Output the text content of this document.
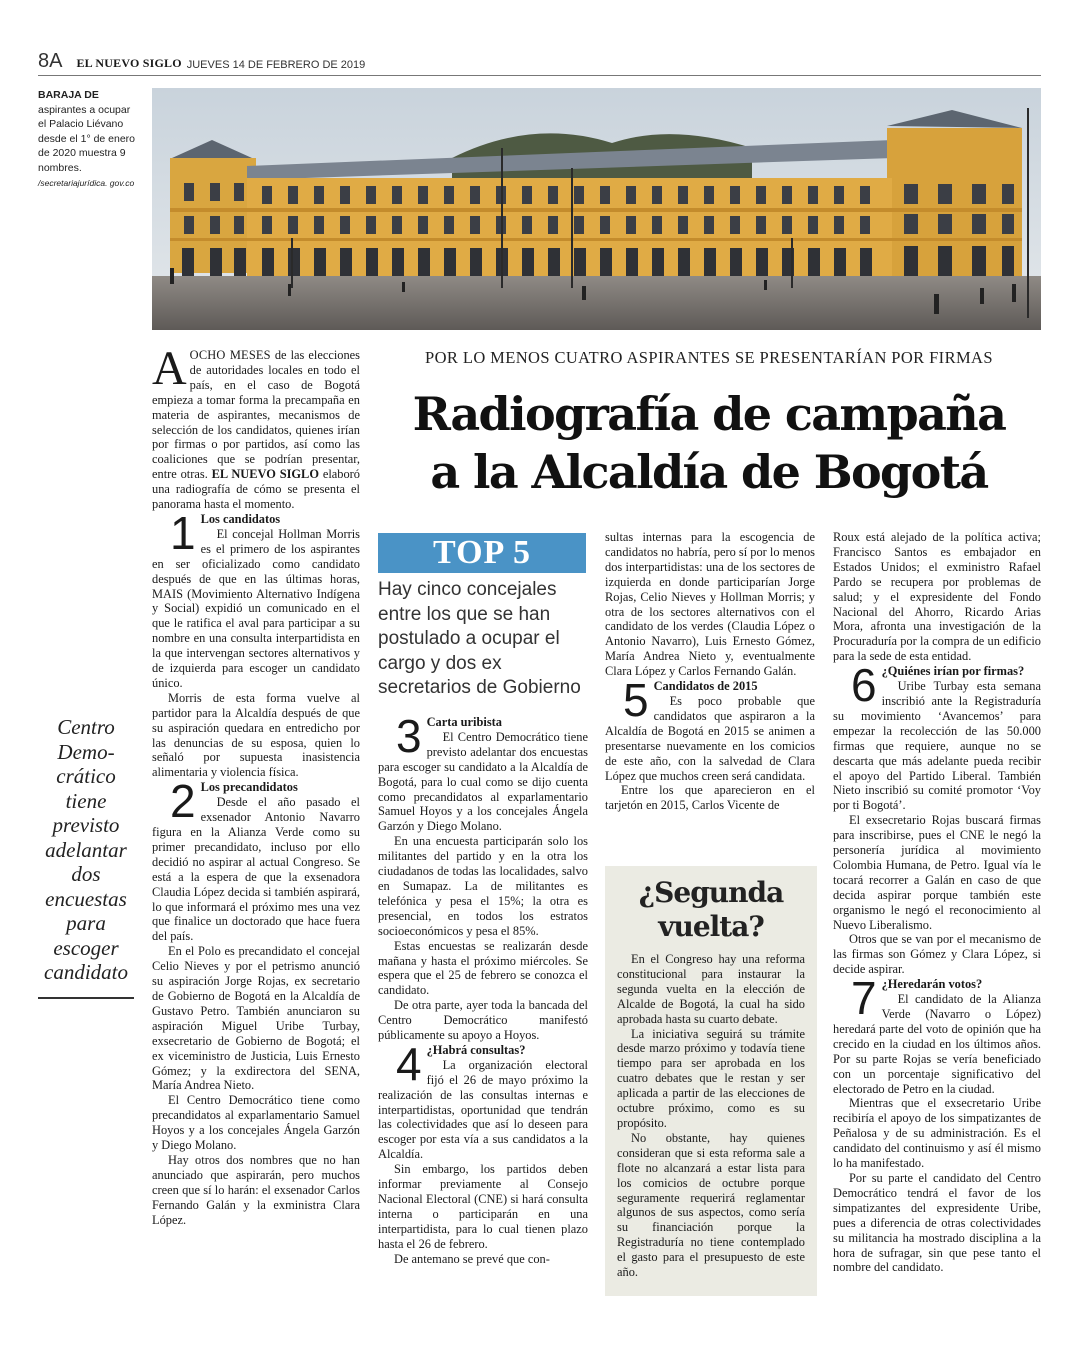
8A EL NUEVO SIGLO JUEVES 14 DE FEBRERO DE 2019
BARAJA DE
aspirantes a ocupar el Palacio Liévano desde el 1° de enero de 2020 muestra 9 nombres.
/secretariajurídica. gov.co
POR LO MENOS CUATRO ASPIRANTES SE PRESENTARÍAN POR FIRMAS
Radiografía de campaña
a la Alcaldía de Bogotá

AOCHO MESES de las elecciones de autoridades locales en todo el país, en el caso de Bogotá empieza a tomar forma la precampaña en materia de aspirantes, mecanismos de selección de los candidatos, quienes irían por firmas o por partidos, así como las coaliciones que se podrían presentar, entre otras. EL NUEVO SIGLO elaboró una radiografía de cómo se presenta el panorama hasta el momento.

1 Los candidatos

El concejal Hollman Morris es el primero de los aspirantes en ser oficializado como candidato después de que en las últimas horas, MAIS (Movimiento Alternativo Indígena y Social) expidió un comunicado en el que le ratifica el aval para participar a su nombre en una consulta interpartidista en la que intervengan sectores alternativos y de izquierda para escoger un candidato único.

Morris de esta forma vuelve al partidor para la Alcaldía después de que su aspiración quedara en entredicho por las denuncias de su esposa, quien lo señaló por supuesta inasistencia alimentaria y violencia física.

2 Los precandidatos

Desde el año pasado el exsenador Antonio Navarro figura en la Alianza Verde como su primer precandidato, incluso por ello decidió no aspirar al actual Congreso. Se está a la espera de que la exsenadora Claudia López decida si también aspirará, lo que informará el próximo mes una vez que finalice un doctorado que hace fuera del país.

En el Polo es precandidato el concejal Celio Nieves y por el petrismo anunció su aspiración Jorge Rojas, ex secretario de Gobierno de Bogotá en la Alcaldía de Gustavo Petro. También anunciaron su aspiración Miguel Uribe Turbay, exsecretario de Gobierno de Bogotá; el ex viceministro de Justicia, Luis Ernesto Gómez; y la exdirectora del SENA, María Andrea Nieto.

El Centro Democrático tiene como precandidatos al exparlamentario Samuel Hoyos y a los concejales Ángela Garzón y Diego Molano.

Hay otros dos nombres que no han anunciado que aspirarán, pero muchos creen que sí lo harán: el exsenador Carlos Fernando Galán y la exministra Clara López.

Centro Demo-crático tiene previsto adelantar dos encuestas para escoger candidato
TOP 5
Hay cinco concejales entre los que se han postulado a ocupar el cargo y dos ex secretarios de Gobierno
3 Carta uribista

El Centro Democrático tiene previsto adelantar dos encuestas para escoger su candidato a la Alcaldía de Bogotá, para lo cual como se dijo cuenta como precandidatos al exparlamentario Samuel Hoyos y a los concejales Ángela Garzón y Diego Molano.

En una encuesta participarán solo los militantes del partido y en la otra los ciudadanos de todas las localidades, salvo en Sumapaz. La de militantes es telefónica y pesa el 15%; la otra es presencial, en todos los estratos socioeconómicos y pesa el 85%.

Estas encuestas se realizarán desde mañana y hasta el próximo miércoles. Se espera que el 25 de febrero se conozca el candidato.

De otra parte, ayer toda la bancada del Centro Democrático manifestó públicamente su apoyo a Hoyos.

4 ¿Habrá consultas?

La organización electoral fijó el 26 de mayo próximo la realización de las consultas internas e interpartidistas, oportunidad que tendrán las colectividades que así lo deseen para escoger por esta vía a sus candidatos a la Alcaldía.

Sin embargo, los partidos deben informar previamente al Consejo Nacional Electoral (CNE) si hará consulta interna o participarán en una interpartidista, para lo cual tienen plazo hasta el 26 de febrero.

De antemano se prevé que con-

sultas internas para la escogencia de candidatos no habría, pero sí por lo menos dos interpartidistas: una de los sectores de izquierda en donde participarían Jorge Rojas, Celio Nieves y Hollman Morris; y otra de los sectores alternativos con el candidato de los verdes (Claudia López o Antonio Navarro), Luis Ernesto Gómez, María Andrea Nieto y, eventualmente Clara López y Carlos Fernando Galán.

5 Candidatos de 2015

Es poco probable que candidatos que aspiraron a la Alcaldía de Bogotá en 2015 se animen a presentarse nuevamente en los comicios de este año, con la salvedad de Clara López que muchos creen será candidata.

Entre los que aparecieron en el tarjetón en 2015, Carlos Vicente de

¿Segunda vuelta?

En el Congreso hay una reforma constitucional para instaurar la segunda vuelta en la elección de Alcalde de Bogotá, la cual ha sido aprobada hasta su cuarto debate.

La iniciativa seguirá su trámite desde marzo próximo y todavía tiene tiempo para ser aprobada en los cuatro debates que le restan y ser aplicada a partir de las elecciones de octubre próximo, como es su propósito.

No obstante, hay quienes consideran que si esta reforma sale a flote no alcanzará a estar lista para los comicios de octubre porque seguramente requerirá reglamentar algunos de sus aspectos, como sería su financiación porque la Registraduría no tiene contemplado el gasto para el presupuesto de este año.

Roux está alejado de la política activa; Francisco Santos es embajador en Estados Unidos; el exministro Rafael Pardo se recupera por problemas de salud; y el expresidente del Fondo Nacional del Ahorro, Ricardo Arias Mora, afronta una investigación de la Procuraduría por la compra de un edificio para la sede de esta entidad.

6 ¿Quiénes irían por firmas?

Uribe Turbay esta semana inscribió ante la Registraduría su movimiento ‘Avancemos’ para empezar la recolección de las 50.000 firmas que requiere, aunque no se descarta que más adelante pueda recibir el apoyo del Partido Liberal. También Nieto inscribió su comité promotor ‘Voy por ti Bogotá’.

El exsecretario Rojas buscará firmas para inscribirse, pues el CNE le negó la personería jurídica al movimiento Colombia Humana, de Petro. Igual vía le tocará recorrer a Galán en caso de que decida aspirar porque también este organismo le negó el reconocimiento al Nuevo Liberalismo.

Otros que se van por el mecanismo de las firmas son Gómez y Clara López, si decide aspirar.

7 ¿Heredarán votos?

El candidato de la Alianza Verde (Navarro o López) heredará parte del voto de opinión que ha crecido en la ciudad en los últimos años. Por su parte Rojas se vería beneficiado con un porcentaje significativo del electorado de Petro en la ciudad.

Mientras que el exsecretario Uribe recibiría el apoyo de los simpatizantes de Peñalosa y de su administración. Es el candidato del continuismo y así él mismo lo ha manifestado.

Por su parte el candidato del Centro Democrático tendrá el favor de los simpatizantes del expresidente Uribe, pues a diferencia de otras colectividades su militancia ha mostrado disciplina a la hora de sufragar, sin que pese tanto el nombre del candidato.
